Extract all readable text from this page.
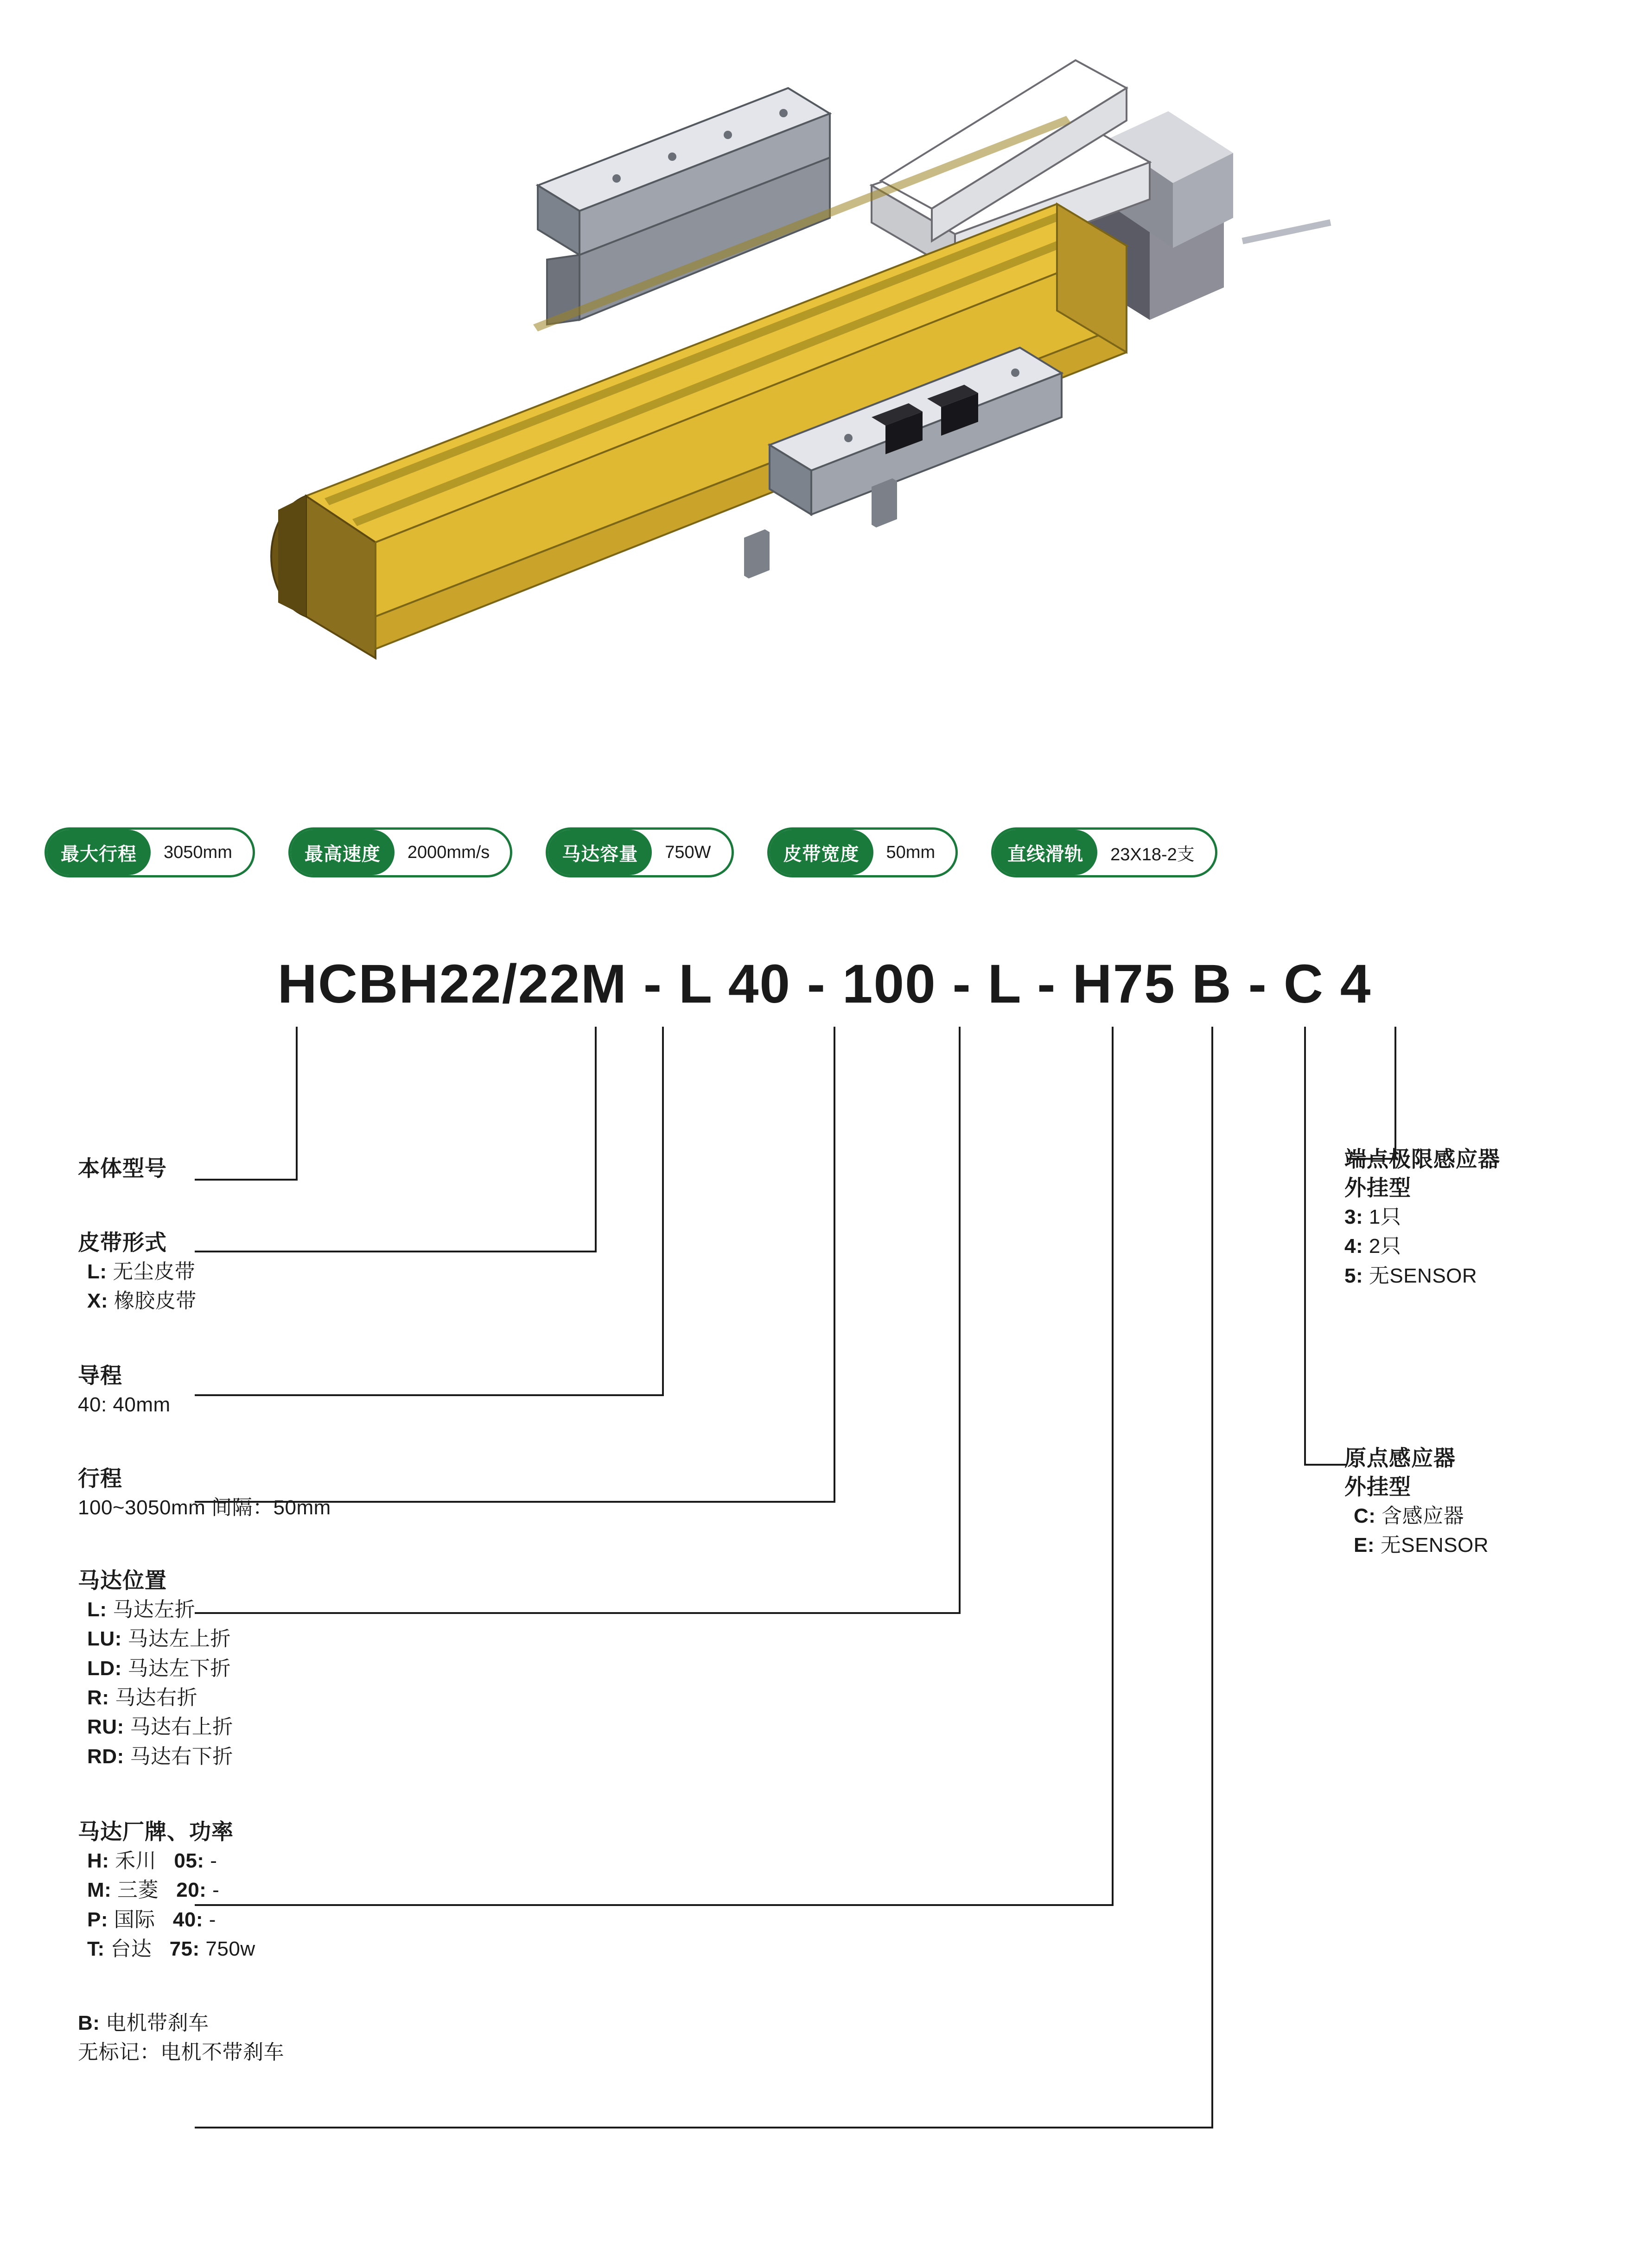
最大行程	3050mm	最高速度	2000mm/s	马达容量	750W	皮带宽度	50mm	直线滑轨	23X18-2支
HCBH22/22M - L 40 - 100 - L - H75 B - C 4
本体型号
皮带形式
L: 无尘皮带
X: 橡胶皮带
导程
40: 40mm
行程
100~3050mm 间隔：50mm
马达位置
L: 马达左折
LU: 马达左上折
LD: 马达左下折
R: 马达右折
RU: 马达右上折
RD: 马达右下折
马达厂牌、功率
H: 禾川 05: -
M: 三菱 20: -
P: 国际 40: -
T: 台达 75: 750w
B: 电机带刹车
无标记：电机不带刹车
端点极限感应器
外挂型
3: 1只
4: 2只
5: 无SENSOR
原点感应器
外挂型
C: 含感应器
E: 无SENSOR
